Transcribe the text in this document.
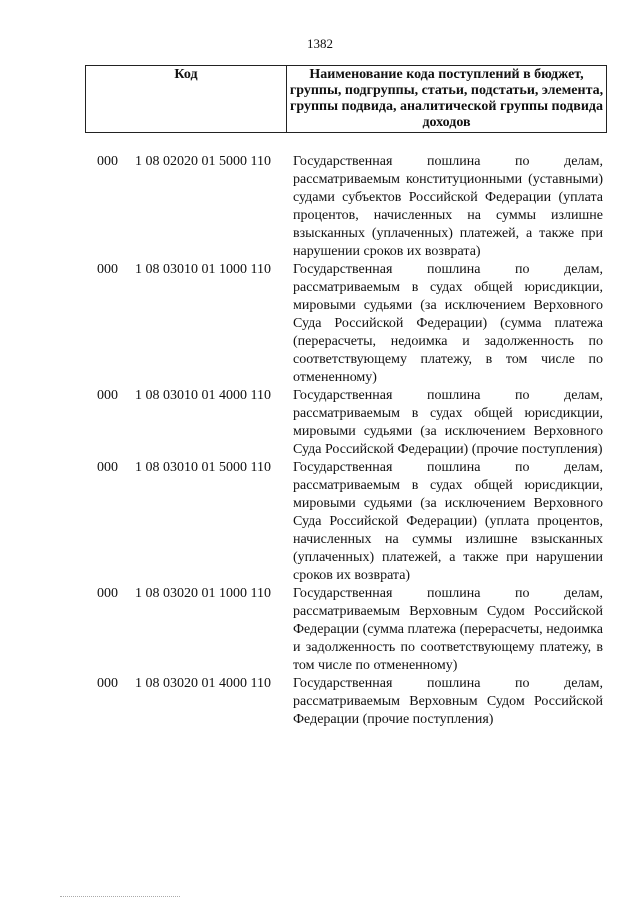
1382
Код	Наименование кода поступлений в бюджет, группы, подгруппы, статьи, подстатьи, элемента, группы подвида, аналитической группы подвида доходов
000 1 08 02020 01 5000 110 Государственная пошлина по делам, рассматриваемым конституционными (уставными) судами субъектов Российской Федерации (уплата процентов, начисленных на суммы излишне взысканных (уплаченных) платежей, а также при нарушении сроков их возврата)
000 1 08 03010 01 1000 110 Государственная пошлина по делам, рассматриваемым в судах общей юрисдикции, мировыми судьями (за исключением Верховного Суда Российской Федерации) (сумма платежа (перерасчеты, недоимка и задолженность по соответствующему платежу, в том числе по отмененному)
000 1 08 03010 01 4000 110 Государственная пошлина по делам, рассматриваемым в судах общей юрисдикции, мировыми судьями (за исключением Верховного Суда Российской Федерации) (прочие поступления)
000 1 08 03010 01 5000 110 Государственная пошлина по делам, рассматриваемым в судах общей юрисдикции, мировыми судьями (за исключением Верховного Суда Российской Федерации) (уплата процентов, начисленных на суммы излишне взысканных (уплаченных) платежей, а также при нарушении сроков их возврата)
000 1 08 03020 01 1000 110 Государственная пошлина по делам, рассматриваемым Верховным Судом Российской Федерации (сумма платежа (перерасчеты, недоимка и задолженность по соответствующему платежу, в том числе по отмененному)
000 1 08 03020 01 4000 110 Государственная пошлина по делам, рассматриваемым Верховным Судом Российской Федерации (прочие поступления)
